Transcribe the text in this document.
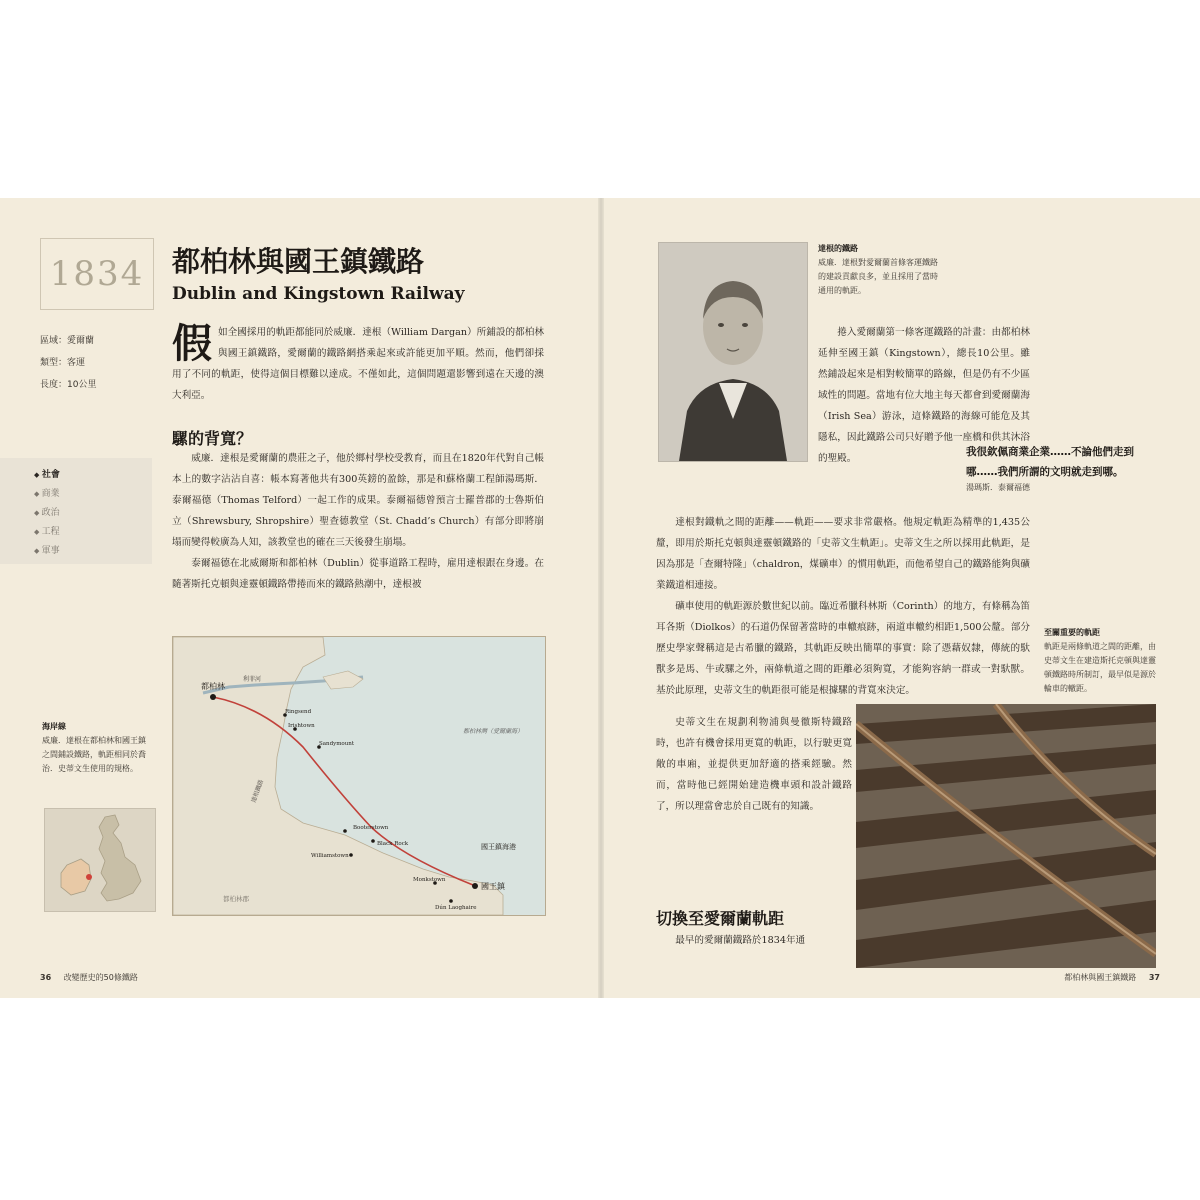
1834 都柏林與國王鎮鐵路
Dublin and Kingstown Railway
區域：愛爾蘭
類型：客運
長度：10公里
◆ 社會
◆ 商業
◆ 政治
◆ 工程
◆ 軍事
假 如全國採用的軌距都能同於威廉．達根（William Dargan）所鋪設的都柏林與國王鎮鐵路，愛爾蘭的鐵路網搭乘起來或許能更加平順。然而，他們卻採用了不同的軌距，使得這個目標難以達成。不僅如此，這個問題還影響到遠在天邊的澳大利亞。

騾的背寬？

威廉．達根是愛爾蘭的農莊之子，他於鄉村學校受教育，而且在1820年代對自己帳本上的數字沾沾自喜：帳本寫著他共有300英鎊的盈餘，那是和蘇格蘭工程師湯瑪斯．泰爾福德（Thomas Telford）一起工作的成果。泰爾福德曾預言士羅普郡的士魯斯伯立（Shrewsbury, Shropshire）聖查德教堂（St. Chadd’s Church）有部分即將崩塌而變得較廣為人知，該教堂也的確在三天後發生崩塌。

泰爾福德在北威爾斯和都柏林（Dublin）從事道路工程時，雇用達根跟在身邊。在隨著斯托克頓與達靈頓鐵路帶捲而來的鐵路熱潮中，達根被

海岸線
威廉．達根在都柏林和國王鎮之間鋪設鐵路，軌距相同於喬治．史蒂文生使用的規格。
都柏林
利菲河
Ringsend
Irishtown
Sandymount
都柏林灣（愛爾蘭海）
達根鐵路
Booterstown
Black Rock
Williamstown
Monkstown
Dún Laoghaire
國王鎮
國王鎮海港
都柏林郡
36 改變歷史的50條鐵路
達根的鐵路
威廉．達根對愛爾蘭首條客運鐵路的建設貢獻良多，並且採用了當時通用的軌距。

捲入愛爾蘭第一條客運鐵路的計畫：由都柏林延伸至國王鎮（Kingstown），總長10公里。雖然鋪設起來是相對較簡單的路線，但是仍有不少區域性的問題。當地有位大地主每天都會到愛爾蘭海（Irish Sea）游泳，這條鐵路的海線可能危及其隱私，因此鐵路公司只好贈予他一座橋和供其沐浴的聖殿。

我很欽佩商業企業……不論他們走到哪……我們所謂的文明就走到哪。
湯瑪斯．泰爾福德

達根對鐵軌之間的距離——軌距——要求非常嚴格。他規定軌距為精準的1,435公釐，即用於斯托克頓與達靈頓鐵路的「史蒂文生軌距」。史蒂文生之所以採用此軌距，是因為那是「查爾特隆」（chaldron，煤礦車）的慣用軌距，而他希望自己的鐵路能夠與礦業鐵道相連接。

礦車使用的軌距源於數世紀以前。臨近希臘科林斯（Corinth）的地方，有條稱為笛耳各斯（Diolkos）的石道仍保留著當時的車轍痕跡，兩道車轍約相距1,500公釐。部分歷史學家聲稱這是古希臘的鐵路，其軌距反映出簡單的事實：除了憑藉奴隸，傳統的馱獸多是馬、牛或騾之外，兩條軌道之間的距離必須夠寬，才能夠容納一群或一對馱獸。基於此原理，史蒂文生的軌距很可能是根據騾的背寬來決定。

至關重要的軌距
軌距是兩條軌道之間的距離，由史蒂文生在建造斯托克頓與達靈頓鐵路時所制訂，最早似是源於輪車的轍距。

史蒂文生在規劃利物浦與曼徹斯特鐵路時，也許有機會採用更寬的軌距，以行駛更寬敞的車廂，並提供更加舒適的搭乘經驗。然而，當時他已經開始建造機車頭和設計鐵路了，所以理當會忠於自己既有的知識。

切換至愛爾蘭軌距

最早的愛爾蘭鐵路於1834年通

都柏林與國王鎮鐵路 37
